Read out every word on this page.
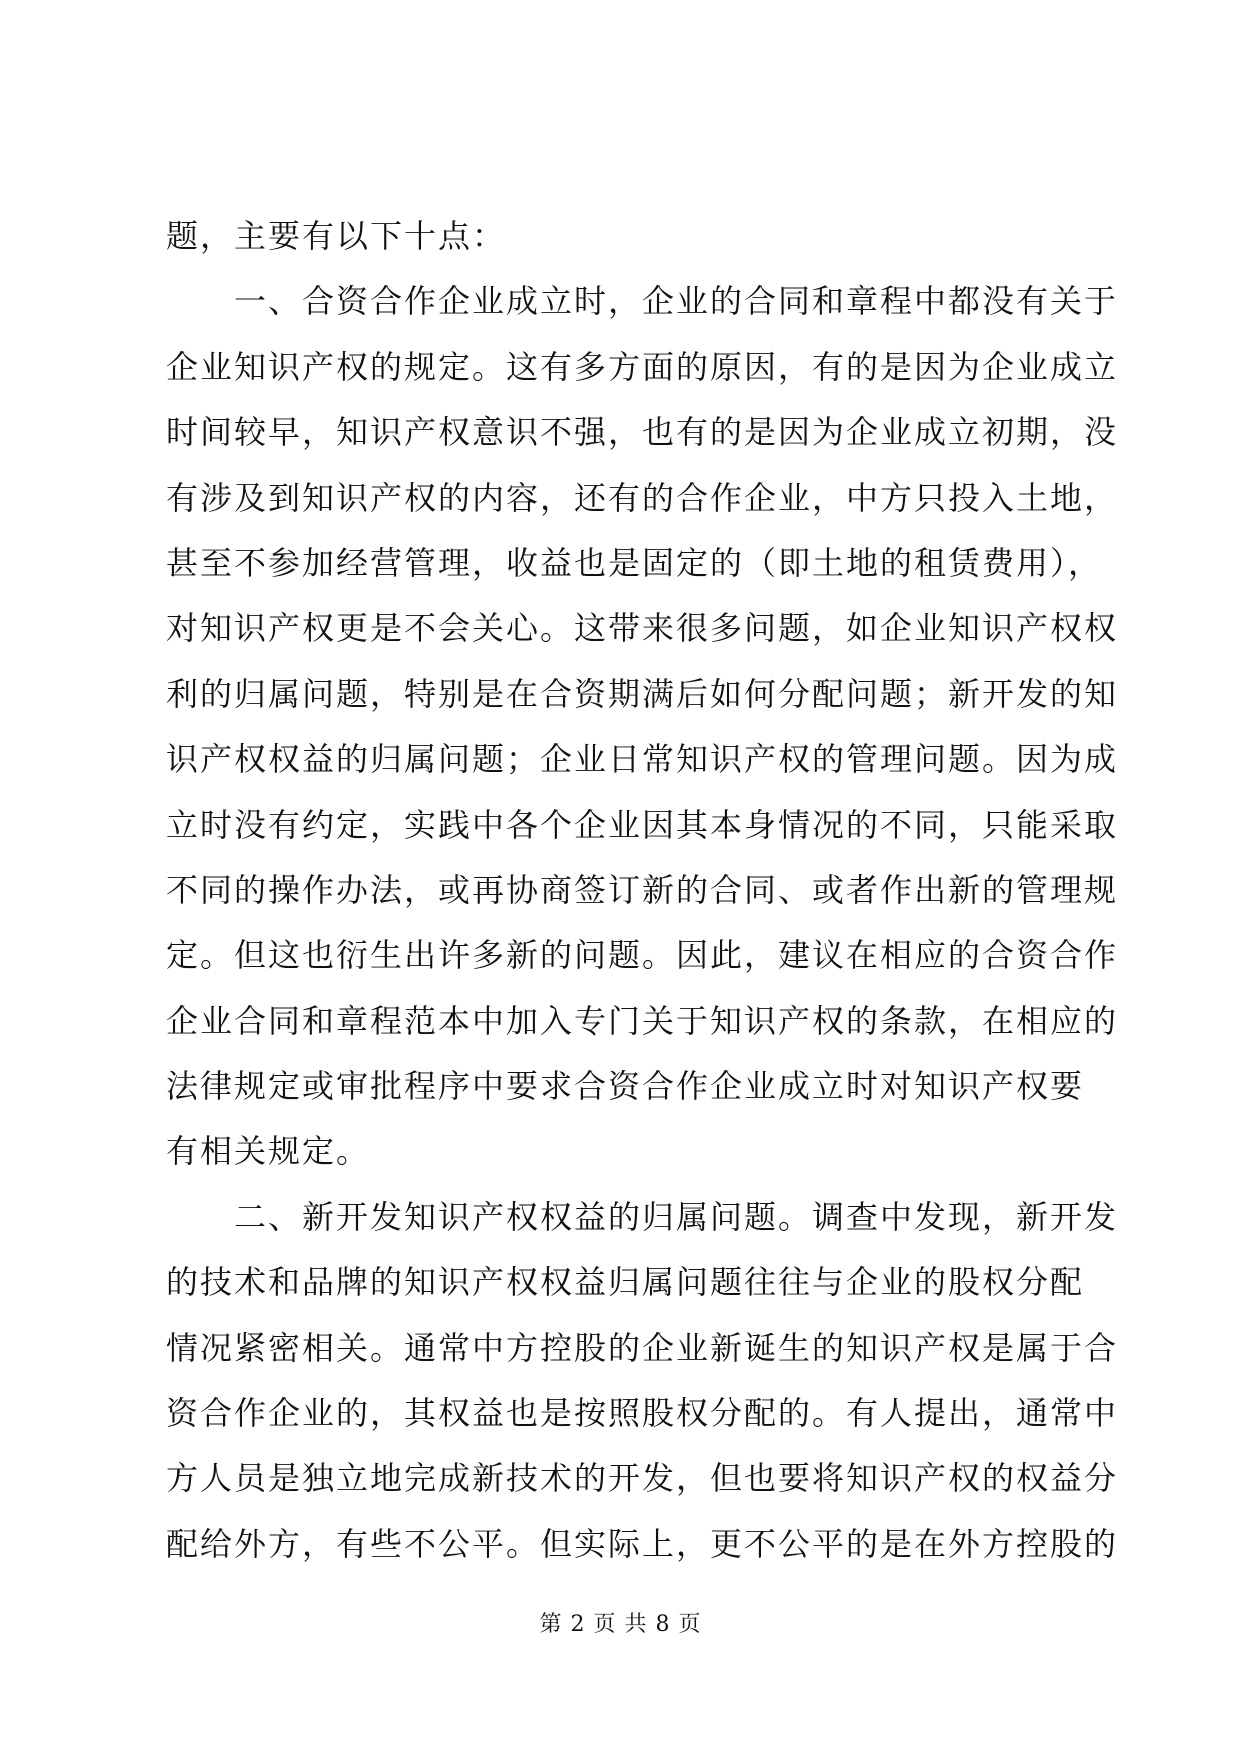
题，主要有以下十点：
一、合资合作企业成立时，企业的合同和章程中都没有关于
企业知识产权的规定。这有多方面的原因，有的是因为企业成立
时间较早，知识产权意识不强，也有的是因为企业成立初期，没
有涉及到知识产权的内容，还有的合作企业，中方只投入土地，
甚至不参加经营管理，收益也是固定的（即土地的租赁费用），
对知识产权更是不会关心。这带来很多问题，如企业知识产权权
利的归属问题，特别是在合资期满后如何分配问题；新开发的知
识产权权益的归属问题；企业日常知识产权的管理问题。因为成
立时没有约定，实践中各个企业因其本身情况的不同，只能采取
不同的操作办法，或再协商签订新的合同、或者作出新的管理规
定。但这也衍生出许多新的问题。因此，建议在相应的合资合作
企业合同和章程范本中加入专门关于知识产权的条款，在相应的
法律规定或审批程序中要求合资合作企业成立时对知识产权要
有相关规定。
二、新开发知识产权权益的归属问题。调查中发现，新开发
的技术和品牌的知识产权权益归属问题往往与企业的股权分配
情况紧密相关。通常中方控股的企业新诞生的知识产权是属于合
资合作企业的，其权益也是按照股权分配的。有人提出，通常中
方人员是独立地完成新技术的开发，但也要将知识产权的权益分
配给外方，有些不公平。但实际上，更不公平的是在外方控股的
第 2 页 共 8 页
